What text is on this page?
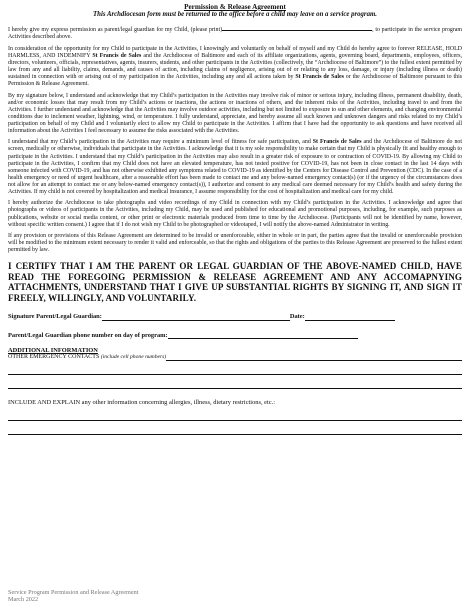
Permission & Release Agreement
This Archdiocesan form must be returned to the office before a child may leave on a service program.
I hereby give my express permission as parent/legal guardian for my Child, (please print)	, to participate in the service program Activities described above.
In consideration of the opportunity for my Child to participate in the Activities, I knowingly and voluntarily on behalf of myself and my Child do hereby agree to forever RELEASE, HOLD HARMLESS, AND INDEMNIFY St Francis de Sales and the Archdiocese of Baltimore and each of its affiliate organizations, agents, governing board, departments, employees, officers, directors, volunteers, officials, representatives, agents, insurers, students, and other participants in the Activities (collectively, the “Archdiocese of Baltimore”) to the fullest extent permitted by law from any and all liability, claims, demands, and causes of action, including claims of negligence, arising out of or relating to any loss, damage, or injury (including illness or death) sustained in connection with or arising out of my participation in the Activities, including any and all actions taken by St Francis de Sales or the Archdiocese of Baltimore pursuant to this Permission & Release Agreement.
By my signature below, I understand and acknowledge that my Child’s participation in the Activities may involve risk of minor or serious injury, including illness, permanent disability, death, and/or economic losses that may result from my Child’s actions or inactions, the actions or inactions of others, and the inherent risks of the Activities, including travel to and from the Activities. I further understand and acknowledge that the Activities may involve outdoor activities, including but not limited to exposure to sun and other elements, and changing environmental conditions due to inclement weather, lightning, wind, or temperature. I fully understand, appreciate, and hereby assume all such known and unknown dangers and risks related to my Child’s participation on behalf of my Child and I voluntarily elect to allow my Child to participate in the Activities. I affirm that I have had the opportunity to ask questions and have received all information about the Activities I feel necessary to assume the risks associated with the Activities.
I understand that my Child’s participation in the Activities may require a minimum level of fitness for safe participation, and St Francis de Sales and the Archdiocese of Baltimore do not screen, medically or otherwise, individuals that participate in the Activities. I acknowledge that it is my sole responsibility to make certain that my Child is physically fit and healthy enough to participate in the Activities. I understand that my Child’s participation in the Activities may also result in a greater risk of exposure to or contraction of COVID-19. By allowing my Child to participate in the Activities, I confirm that my Child does not have an elevated temperature, has not tested positive for COVID-19, has not been in close contact in the last 14 days with someone infected with COVID-19, and has not otherwise exhibited any symptoms related to COVID-19 as identified by the Centers for Disease Control and Prevention (CDC). In the case of a health emergency or need of urgent healthcare, after a reasonable effort has been made to contact me and any below-named emergency contact(s) (or if the urgency of the circumstances does not allow for an attempt to contact me or any below-named emergency contact(s)), I authorize and consent to any medical care deemed necessary for my Child’s health and safety during the Activities. If my child is not covered by hospitalization and medical insurance, I assume responsibility for the cost of hospitalization and medical care for my child.
I hereby authorize the Archdiocese to take photographs and video recordings of my Child in connection with my Child’s participation in the Activities. I acknowledge and agree that photographs or videos of participants in the Activities, including my Child, may be used and published for educational and promotional purposes, including, for example, such purposes as publications, website or social media content, or other print or electronic materials produced from time to time by the Archdiocese. (Participants will not be identified by name, however, without specific written consent.) I agree that if I do not wish my Child to be photographed or videotaped, I will notify the above-named Administrator in writing.
If any provision or provisions of this Release Agreement are determined to be invalid or unenforceable, either in whole or in part, the parties agree that the invalid or unenforceable provision will be modified to the minimum extent necessary to render it valid and enforceable, so that the rights and obligations of the parties to this Release Agreement are preserved to the fullest extent permitted by law.
I CERTIFY THAT I AM THE PARENT OR LEGAL GUARDIAN OF THE ABOVE-NAMED CHILD, HAVE READ THE FOREGOING PERMISSION & RELEASE AGREEMENT AND ANY ACCOMAPNYING ATTACHMENTS, UNDERSTAND THAT I GIVE UP SUBSTANTIAL RIGHTS BY SIGNING IT, AND SIGN IT FREELY, WILLINGLY, AND VOLUNTARILY.
Signature Parent/Legal Guardian:	Date:
Parent/Legal Guardian phone number on day of program:
ADDITIONAL INFORMATION
OTHER EMERGENCY CONTACTS
(include cell phone numbers)
INCLUDE AND EXPLAIN any other information concerning allergies, illness, dietary restrictions, etc.:
Service Program Permission and Release Agreement
March 2022
